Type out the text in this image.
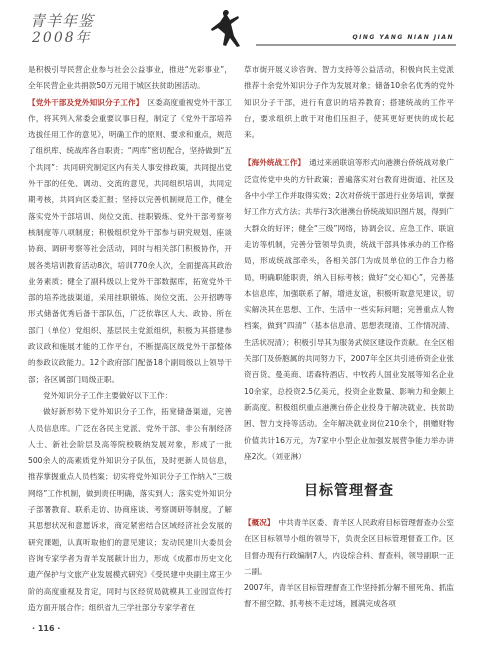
青羊年鉴
2008年	QING YANG NIAN JIAN

是积极引导民营企业参与社会公益事业，推进“光彩事业”，全年民营企业共捐款50万元用于城区扶贫助困活动。

【党外干部及党外知识分子工作】 区委高度重视党外干部工作，将其列入常委会重要议事日程，制定了《党外干部培养选拔任用工作的意见》，明确工作的原则、要求和重点，规范了组织库、统战库各自职责；“两库”密切配合，坚持做到“五个共同”：共同研究制定区内有关人事安排政策，共同提出党外干部的任免、调动、交流的意见，共同组织培训，共同定期考核，共同向区委汇报；坚持以完善机制规范工作，健全落实党外干部培训、岗位交流、挂职锻炼、党外干部考察考核制度等八项制度；积极组织党外干部参与研究规划、座谈协商、调研考察等社会活动，同时与相关部门积极协作，开展各类培训教育活动8次，培训770余人次，全面提高其政治业务素质；健全了副科级以上党外干部数据库，拓宽党外干部的培养选拔渠道，采用挂职锻炼、岗位交流、公开招聘等形式储备优秀后备干部队伍，广泛依靠区人大、政协、所在部门（单位）党组织、基层民主党派组织，积极为其搭建参政议政和施展才能的工作平台，不断提高区级党外干部整体的参政议政能力。12个政府部门配备18个副局级以上领导干部；各区属部门局级正职。

党外知识分子工作主要做好以下工作：

做好新形势下党外知识分子工作，拓宽储备渠道，完善人员信息库。广泛在各民主党派、党外干部、非公有制经济人士、新社会阶层及高等院校吸纳发展对象，形成了一批500余人的高素质党外知识分子队伍，及时更新人员信息，推荐掌握重点人员档案；切实将党外知识分子工作纳入“三级网络”工作机制，做到责任明确，落实到人；落实党外知识分子部署教育、联系走访、协商座谈、考察调研等制度，了解其思想状况和意愿诉求，商定紧密结合区域经济社会发展的研究课题，认真听取他们的意见建议；发动民建川大委员会咨询专家学者为青羊发展献计出力，形成《成都市历史文化遗产保护与文旅产业发展模式研究》《受民建中央副主席王少阶的高度重视及肯定，同时与区经贸局就模具工业园宣传打造方面开展合作；组织省九三学社部分专家学者在

草市街开展义诊咨询、智力支持等公益活动，积极向民主党派推荐十余党外知识分子作为发展对象；储备10余名优秀的党外知识分子干部，进行有意识的培养教育；搭建统战的工作平台，要求组织上敢于对他们压担子，使其更好更快的成长起来。

【海外统战工作】 通过来函联谊等形式向港澳台侨统战对象广泛宣传党中央的方针政策；普遍落实对台教育进街道、社区及各中小学工作并取得实效；2次对侨统干部进行业务培训，掌握好工作方式方法；共举行3次港澳台侨统战知识图片展，得到广大群众的好评；健全“三级”网络，协调会议、应急工作、联谊走访等机制，完善分管领导负责，统战干部具体承办的工作格局，形成统战部牵头，各相关部门为成员单位的工作合力格局，明确职能职责，纳入目标考核；做好“交心知心”，完善基本信息库，加强联系了解，增进友谊，积极听取意见建议，切实解决其在思想、工作、生活中一些实际问题；完善重点人物档案，做到“四清”（基本信息清、思想表现清、工作情况清、生活状况清）；积极引导其为服务武侯区建设作贡献。在全区相关部门及侨胞属的共同努力下，2007年全区共引进侨资企业张资百货、曼美商、诺森特酒店、中牧药人国业发展等知名企业10余家，总投资2.5亿美元，投资企业数量、影响力和金额上新高度。积极组织重点港澳台侨企业投身于解决就业、扶贫助困、智力支持等活动。全年解决就业岗位210余个，捐赠财物价值共计16万元，为7家中小型企业加强发展营争能力举办讲座2次。（刘亚淋）

目标管理督查

【概况】 中共青羊区委、青羊区人民政府目标管理督查办公室在区目标领导小组的领导下，负责全区目标管理督查工作。区目督办现有行政编制7人，内设综合科、督查科，领导副职一正二副。

2007年，青羊区目标管理督查工作坚持抓分解不留死角、抓监督不留空隙、抓考核不走过场，圆满完成各项

· 116 ·
